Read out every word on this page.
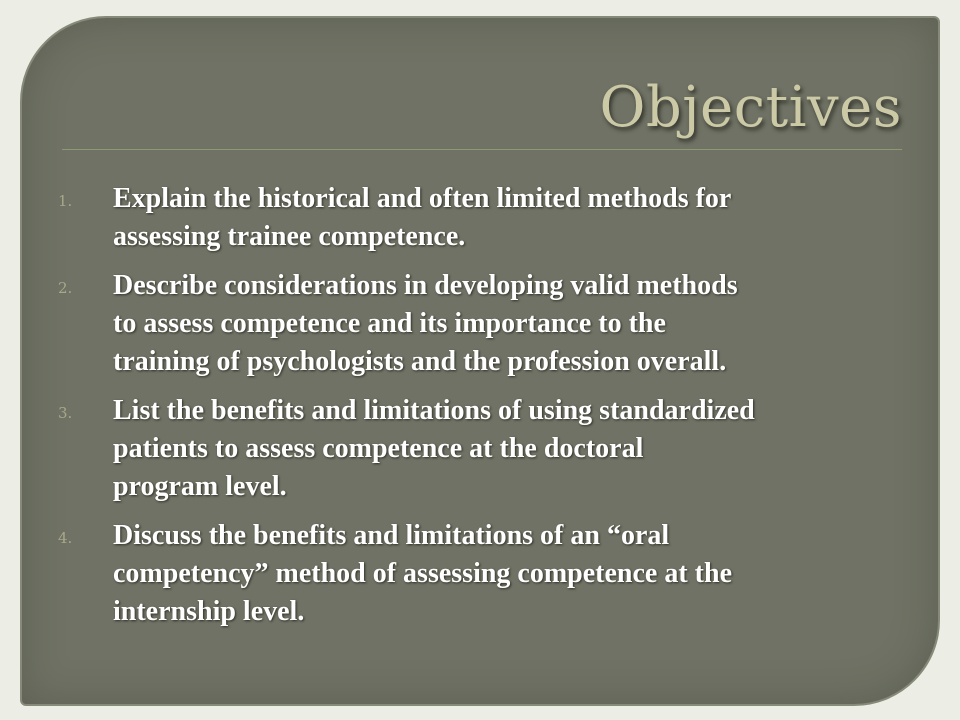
Objectives
1. Explain the historical and often limited methods for
assessing trainee competence.
2. Describe considerations in developing valid methods
to assess competence and its importance to the
training of psychologists and the profession overall.
3. List the benefits and limitations of using standardized
patients to assess competence at the doctoral
program level.
4. Discuss the benefits and limitations of an “oral
competency” method of assessing competence at the
internship level.
